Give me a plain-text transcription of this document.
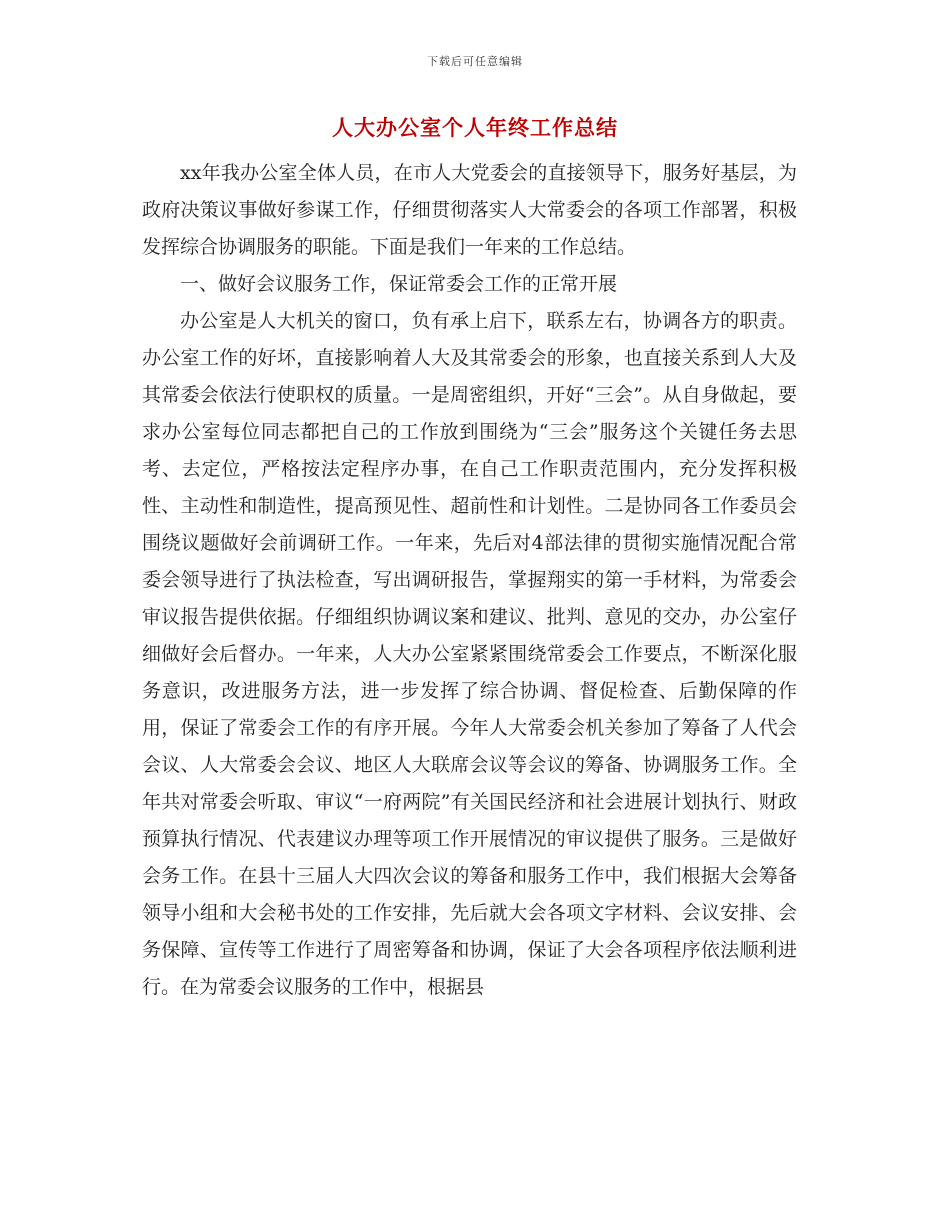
下载后可任意编辑
人大办公室个人年终工作总结

xx年我办公室全体人员，在市人大党委会的直接领导下，服务好基层，为政府决策议事做好参谋工作，仔细贯彻落实人大常委会的各项工作部署，积极发挥综合协调服务的职能。下面是我们一年来的工作总结。

一、做好会议服务工作，保证常委会工作的正常开展

办公室是人大机关的窗口，负有承上启下，联系左右，协调各方的职责。办公室工作的好坏，直接影响着人大及其常委会的形象，也直接关系到人大及其常委会依法行使职权的质量。一是周密组织，开好“三会”。从自身做起，要求办公室每位同志都把自己的工作放到围绕为“三会”服务这个关键任务去思考、去定位，严格按法定程序办事，在自己工作职责范围内，充分发挥积极性、主动性和制造性，提高预见性、超前性和计划性。二是协同各工作委员会围绕议题做好会前调研工作。一年来，先后对4部法律的贯彻实施情况配合常委会领导进行了执法检查，写出调研报告，掌握翔实的第一手材料，为常委会审议报告提供依据。仔细组织协调议案和建议、批判、意见的交办，办公室仔细做好会后督办。一年来，人大办公室紧紧围绕常委会工作要点，不断深化服务意识，改进服务方法，进一步发挥了综合协调、督促检查、后勤保障的作用，保证了常委会工作的有序开展。今年人大常委会机关参加了筹备了人代会会议、人大常委会会议、地区人大联席会议等会议的筹备、协调服务工作。全年共对常委会听取、审议“一府两院”有关国民经济和社会进展计划执行、财政预算执行情况、代表建议办理等项工作开展情况的审议提供了服务。三是做好会务工作。在县十三届人大四次会议的筹备和服务工作中，我们根据大会筹备领导小组和大会秘书处的工作安排，先后就大会各项文字材料、会议安排、会务保障、宣传等工作进行了周密筹备和协调，保证了大会各项程序依法顺利进行。在为常委会议服务的工作中，根据县
